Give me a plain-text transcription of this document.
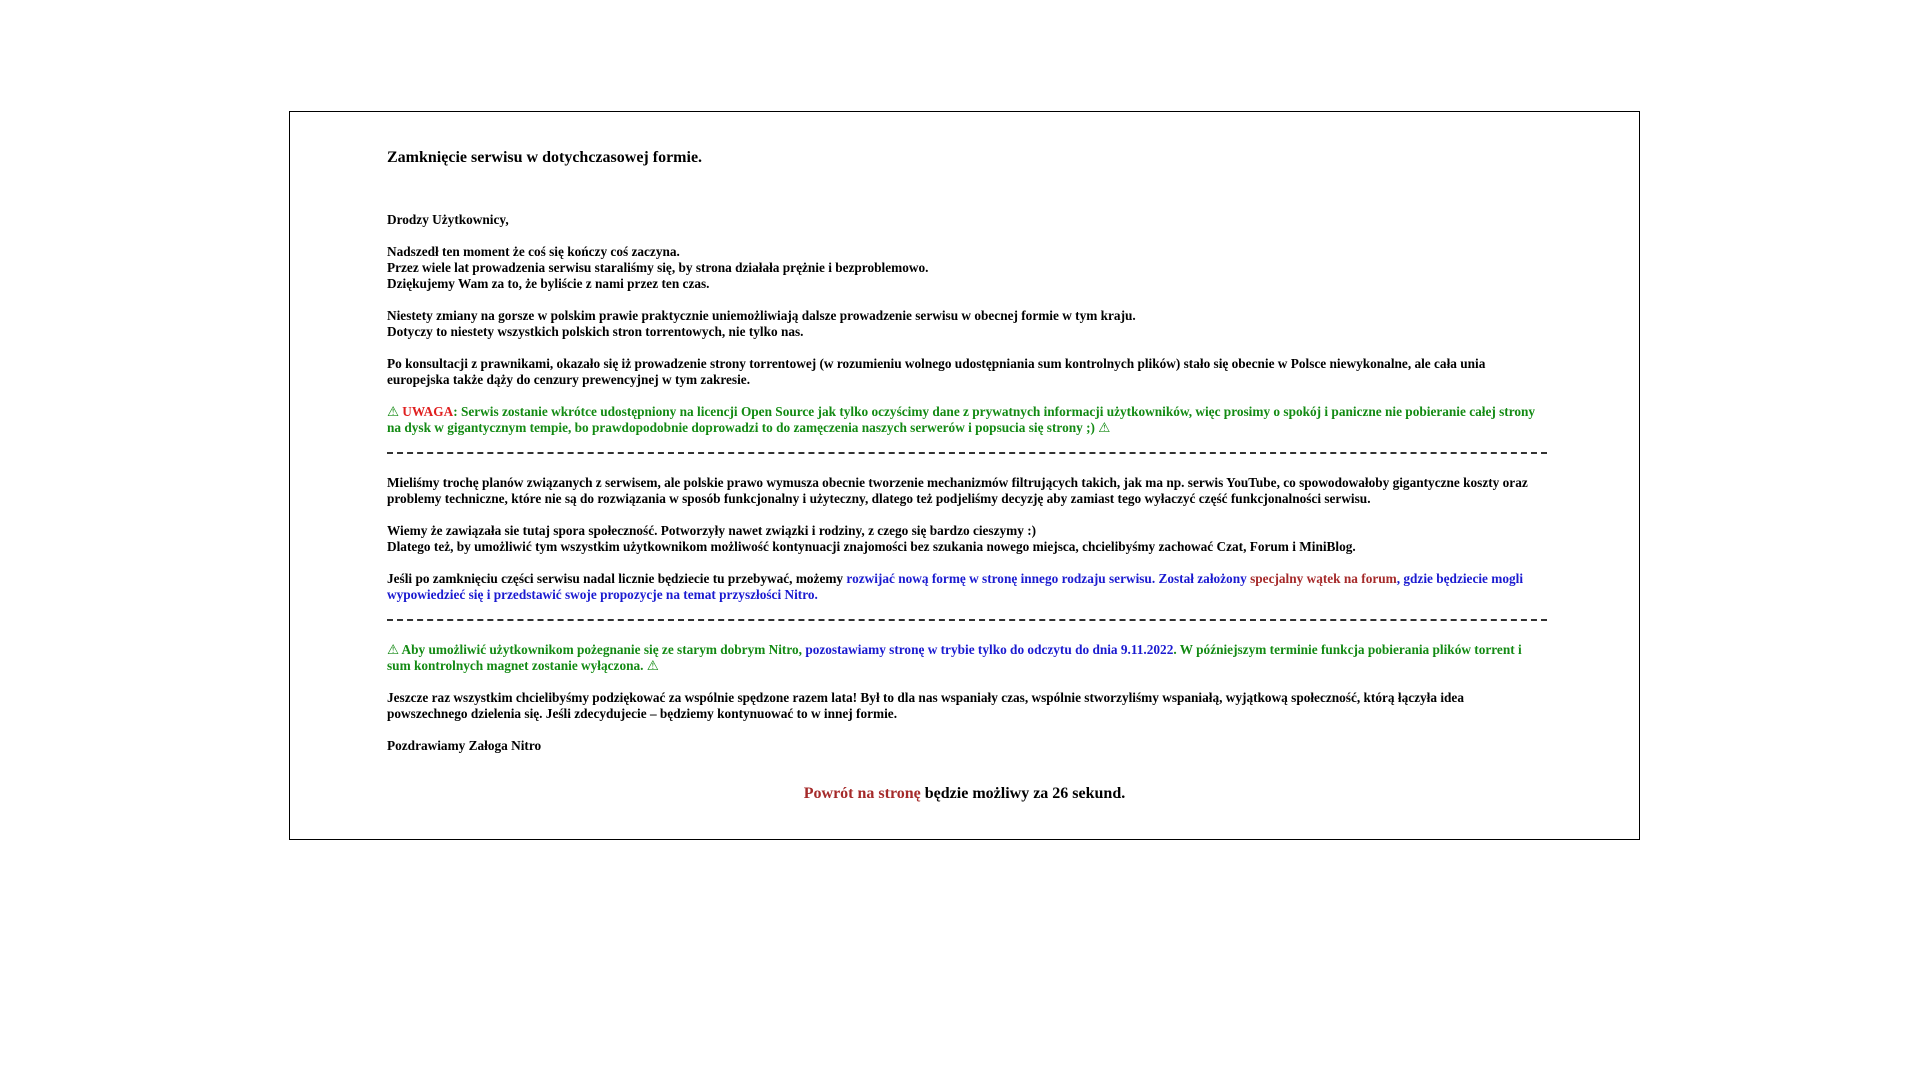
Zamknięcie serwisu w dotychczasowej formie.

Drodzy Użytkownicy,

Nadszedł ten moment że coś się kończy coś zaczyna.
Przez wiele lat prowadzenia serwisu staraliśmy się, by strona działała prężnie i bezproblemowo.
Dziękujemy Wam za to, że byliście z nami przez ten czas.

Niestety zmiany na gorsze w polskim prawie praktycznie uniemożliwiają dalsze prowadzenie serwisu w obecnej formie w tym kraju.
Dotyczy to niestety wszystkich polskich stron torrentowych, nie tylko nas.

Po konsultacji z prawnikami, okazało się iż prowadzenie strony torrentowej (w rozumieniu wolnego udostępniania sum kontrolnych plików) stało się obecnie w Polsce niewykonalne, ale cała unia europejska także dąży do cenzury prewencyjnej w tym zakresie.

⚠ UWAGA: Serwis zostanie wkrótce udostępniony na licencji Open Source jak tylko oczyścimy dane z prywatnych informacji użytkowników, więc prosimy o spokój i paniczne nie pobieranie całej strony na dysk w gigantycznym tempie, bo prawdopodobnie doprowadzi to do zamęczenia naszych serwerów i popsucia się strony ;) ⚠

Mieliśmy trochę planów związanych z serwisem, ale polskie prawo wymusza obecnie tworzenie mechanizmów filtrujących takich, jak ma np. serwis YouTube, co spowodowałoby gigantyczne koszty oraz problemy techniczne, które nie są do rozwiązania w sposób funkcjonalny i użyteczny, dlatego też podjeliśmy decyzję aby zamiast tego wyłaczyć część funkcjonalności serwisu.

Wiemy że zawiązała sie tutaj spora społeczność. Potworzyły nawet związki i rodziny, z czego się bardzo cieszymy :)
Dlatego też, by umożliwić tym wszystkim użytkownikom możliwość kontynuacji znajomości bez szukania nowego miejsca, chcielibyśmy zachować Czat, Forum i MiniBlog.

Jeśli po zamknięciu części serwisu nadal licznie będziecie tu przebywać, możemy rozwijać nową formę w stronę innego rodzaju serwisu. Został założony specjalny wątek na forum, gdzie będziecie mogli wypowiedzieć się i przedstawić swoje propozycje na temat przyszłości Nitro.

⚠ Aby umożliwić użytkownikom pożegnanie się ze starym dobrym Nitro, pozostawiamy stronę w trybie tylko do odczytu do dnia 9.11.2022. W późniejszym terminie funkcja pobierania plików torrent i sum kontrolnych magnet zostanie wyłączona. ⚠

Jeszcze raz wszystkim chcielibyśmy podziękować za wspólnie spędzone razem lata! Był to dla nas wspaniały czas, wspólnie stworzyliśmy wspaniałą, wyjątkową społeczność, którą łączyła idea powszechnego dzielenia się. Jeśli zdecydujecie – będziemy kontynuować to w innej formie.

Pozdrawiamy Załoga Nitro

Powrót na stronę będzie możliwy za 26 sekund.
